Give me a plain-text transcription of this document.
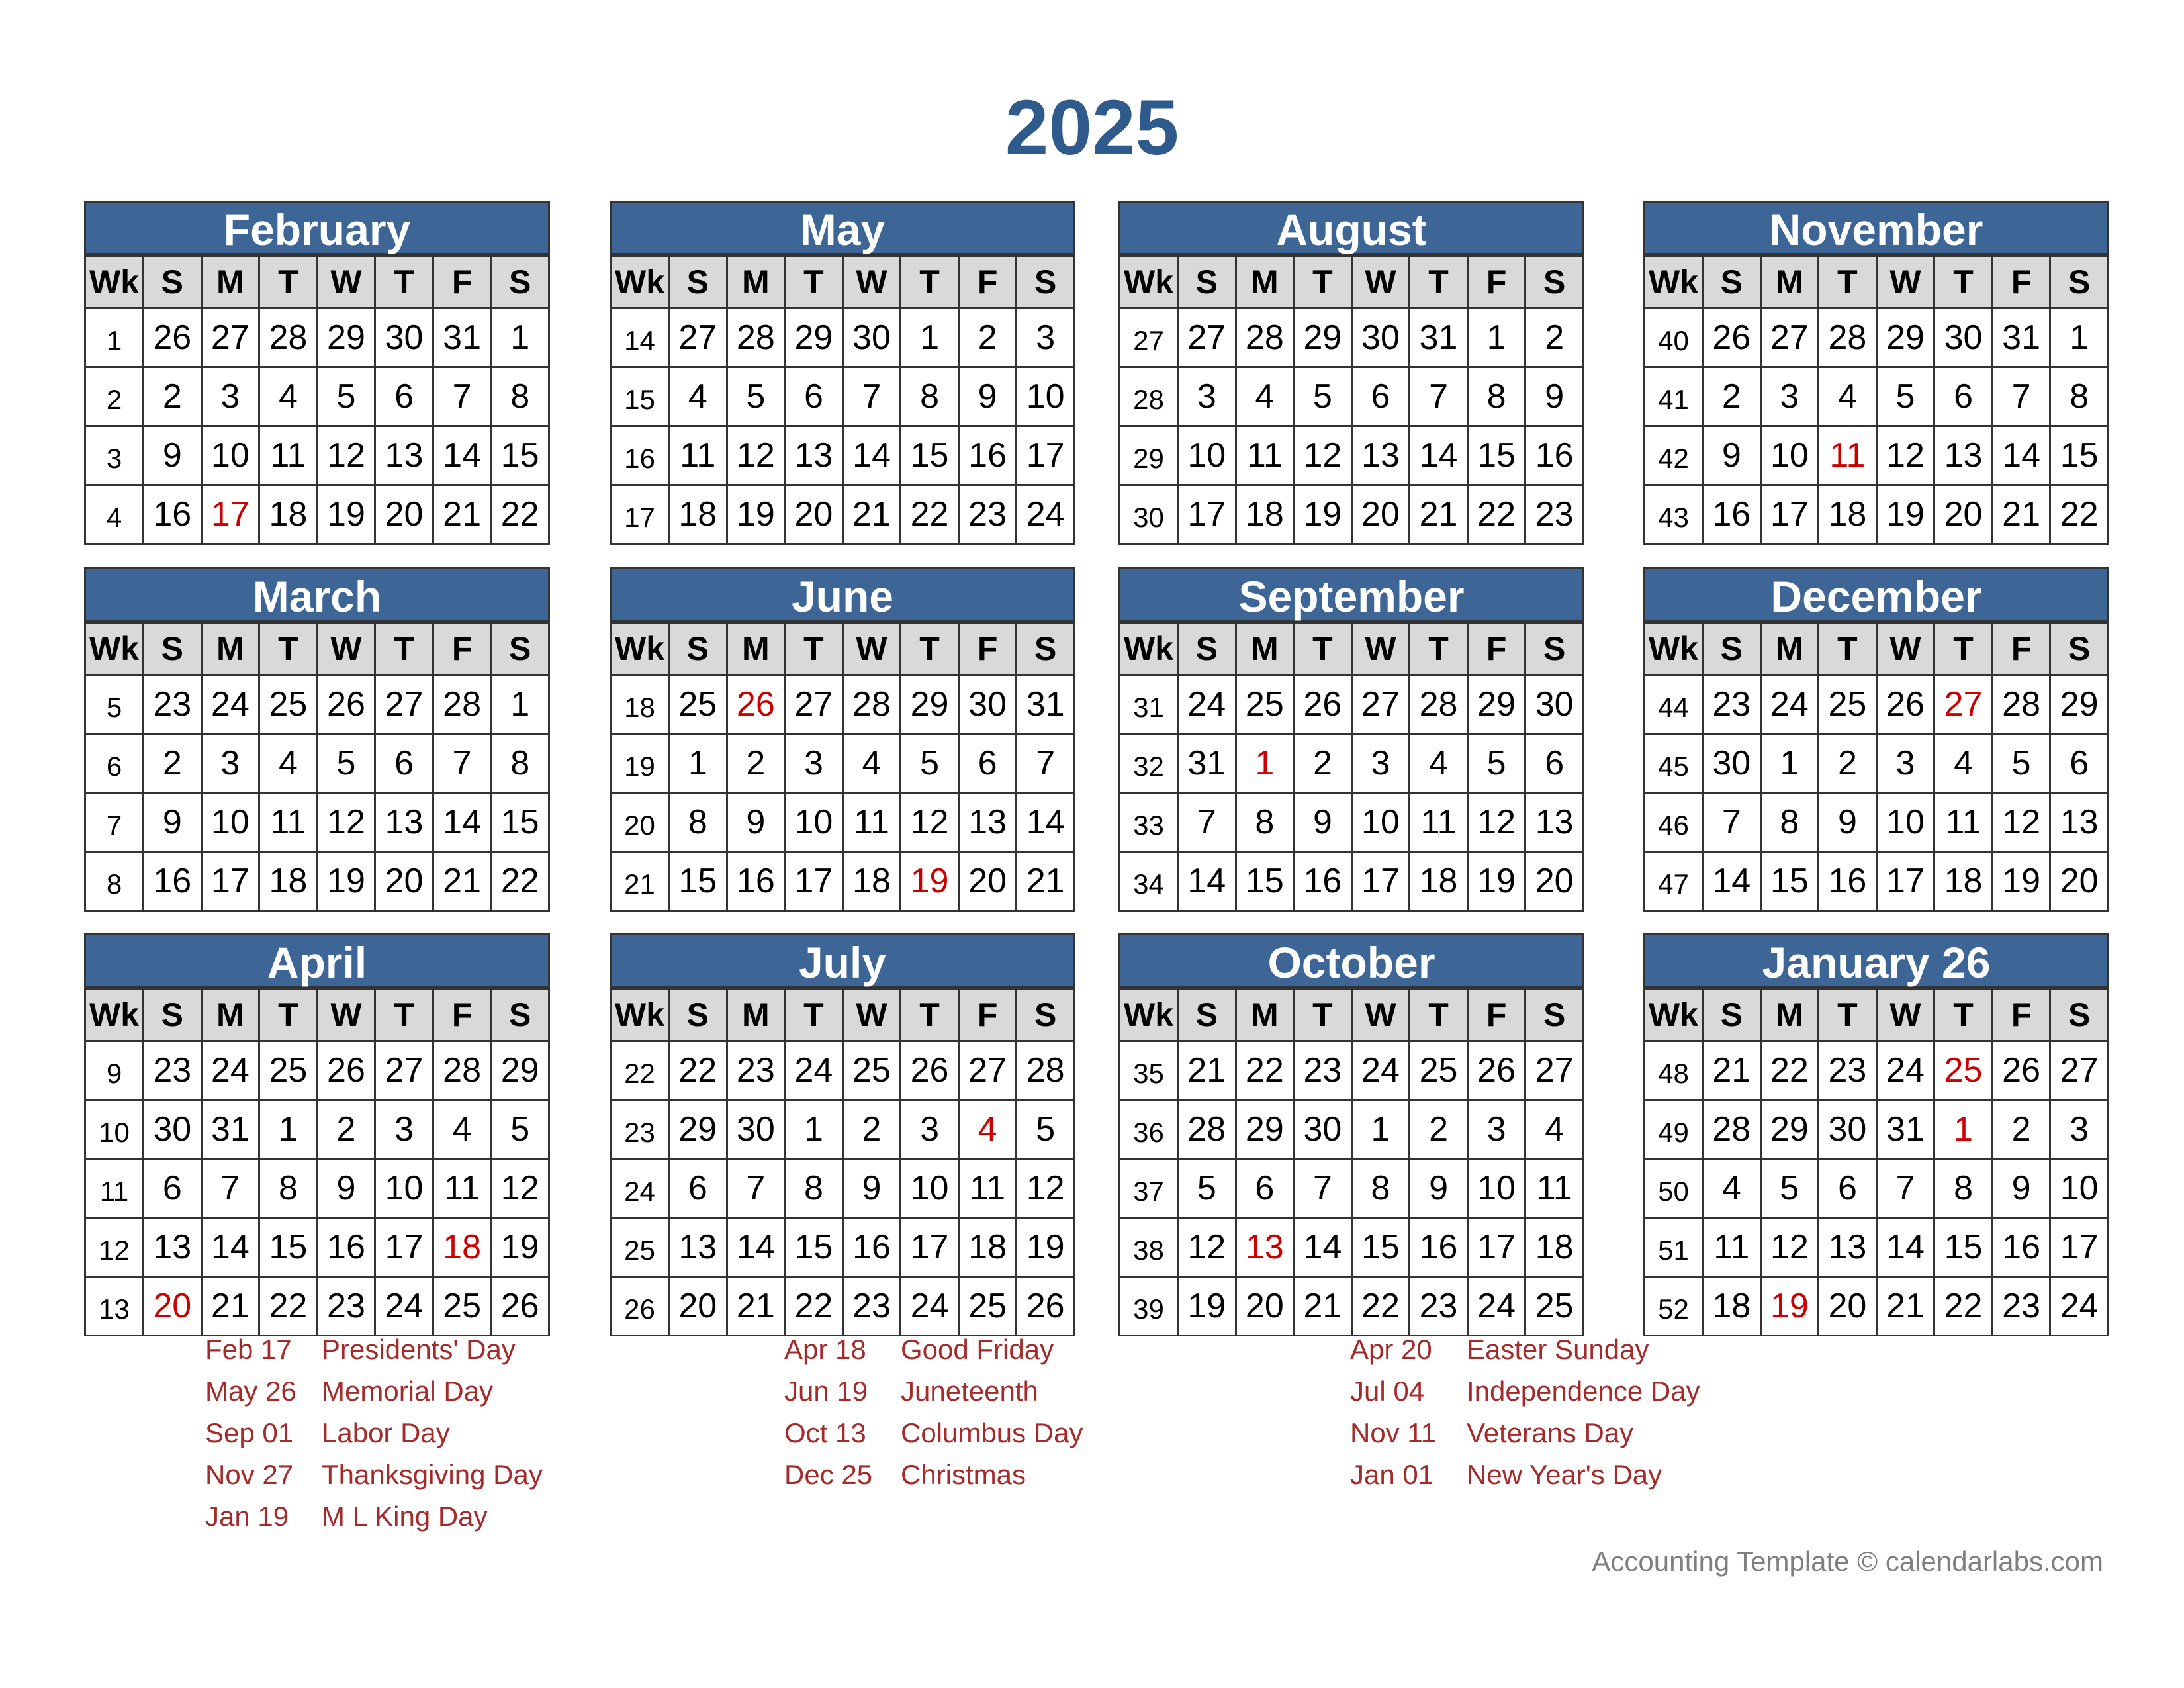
2025
February
Wk	S	M	T	W	T	F	S
1	26	27	28	29	30	31	1
2	2	3	4	5	6	7	8
3	9	10	11	12	13	14	15
4	16	17	18	19	20	21	22
May
Wk	S	M	T	W	T	F	S
14	27	28	29	30	1	2	3
15	4	5	6	7	8	9	10
16	11	12	13	14	15	16	17
17	18	19	20	21	22	23	24
August
Wk	S	M	T	W	T	F	S
27	27	28	29	30	31	1	2
28	3	4	5	6	7	8	9
29	10	11	12	13	14	15	16
30	17	18	19	20	21	22	23
November
Wk	S	M	T	W	T	F	S
40	26	27	28	29	30	31	1
41	2	3	4	5	6	7	8
42	9	10	11	12	13	14	15
43	16	17	18	19	20	21	22
March
Wk	S	M	T	W	T	F	S
5	23	24	25	26	27	28	1
6	2	3	4	5	6	7	8
7	9	10	11	12	13	14	15
8	16	17	18	19	20	21	22
June
Wk	S	M	T	W	T	F	S
18	25	26	27	28	29	30	31
19	1	2	3	4	5	6	7
20	8	9	10	11	12	13	14
21	15	16	17	18	19	20	21
September
Wk	S	M	T	W	T	F	S
31	24	25	26	27	28	29	30
32	31	1	2	3	4	5	6
33	7	8	9	10	11	12	13
34	14	15	16	17	18	19	20
December
Wk	S	M	T	W	T	F	S
44	23	24	25	26	27	28	29
45	30	1	2	3	4	5	6
46	7	8	9	10	11	12	13
47	14	15	16	17	18	19	20
April
Wk	S	M	T	W	T	F	S
9	23	24	25	26	27	28	29
10	30	31	1	2	3	4	5
11	6	7	8	9	10	11	12
12	13	14	15	16	17	18	19
13	20	21	22	23	24	25	26
July
Wk	S	M	T	W	T	F	S
22	22	23	24	25	26	27	28
23	29	30	1	2	3	4	5
24	6	7	8	9	10	11	12
25	13	14	15	16	17	18	19
26	20	21	22	23	24	25	26
October
Wk	S	M	T	W	T	F	S
35	21	22	23	24	25	26	27
36	28	29	30	1	2	3	4
37	5	6	7	8	9	10	11
38	12	13	14	15	16	17	18
39	19	20	21	22	23	24	25
January 26
Wk	S	M	T	W	T	F	S
48	21	22	23	24	25	26	27
49	28	29	30	31	1	2	3
50	4	5	6	7	8	9	10
51	11	12	13	14	15	16	17
52	18	19	20	21	22	23	24
Feb 17 Presidents' Day
May 26 Memorial Day
Sep 01 Labor Day
Nov 27 Thanksgiving Day
Jan 19 M L King Day
Apr 18 Good Friday
Jun 19 Juneteenth
Oct 13 Columbus Day
Dec 25 Christmas
Apr 20 Easter Sunday
Jul 04 Independence Day
Nov 11 Veterans Day
Jan 01 New Year's Day
Accounting Template © calendarlabs.com
